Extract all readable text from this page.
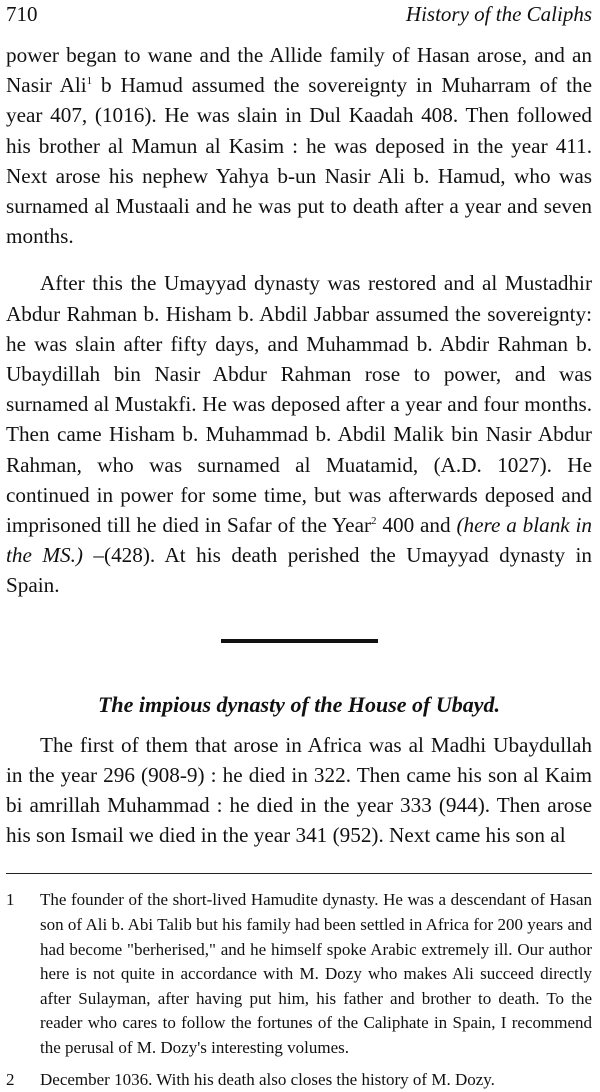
710	History of the Caliphs

power began to wane and the Allide family of Hasan arose, and an Nasir Ali$^1$ b Hamud assumed the sovereignty in Muharram of the year 407, (1016). He was slain in Dul Kaadah 408. Then followed his brother al Mamun al Kasim : he was deposed in the year 411. Next arose his nephew Yahya b-un Nasir Ali b. Hamud, who was surnamed al Mustaali and he was put to death after a year and seven months.

After this the Umayyad dynasty was restored and al Mustadhir Abdur Rahman b. Hisham b. Abdil Jabbar assumed the sovereignty: he was slain after fifty days, and Muhammad b. Abdir Rahman b. Ubaydillah bin Nasir Abdur Rahman rose to power, and was surnamed al Mustakfi. He was deposed after a year and four months. Then came Hisham b. Muhammad b. Abdil Malik bin Nasir Abdur Rahman, who was surnamed al Muatamid, (A.D. 1027). He continued in power for some time, but was afterwards deposed and imprisoned till he died in Safar of the Year$^2$ 400 and (here a blank in the MS.) –(428). At his death perished the Umayyad dynasty in Spain.

The impious dynasty of the House of Ubayd.

The first of them that arose in Africa was al Madhi Ubaydullah in the year 296 (908-9) : he died in 322. Then came his son al Kaim bi amrillah Muhammad : he died in the year 333 (944). Then arose his son Ismail we died in the year 341 (952). Next came his son al

1	The founder of the short-lived Hamudite dynasty. He was a descendant of Hasan son of Ali b. Abi Talib but his family had been settled in Africa for 200 years and had become "berherised," and he himself spoke Arabic extremely ill. Our author here is not quite in accordance with M. Dozy who makes Ali succeed directly after Sulayman, after having put him, his father and brother to death. To the reader who cares to follow the fortunes of the Caliphate in Spain, I recommend the perusal of M. Dozy's interesting volumes.
2	December 1036. With his death also closes the history of M. Dozy.
